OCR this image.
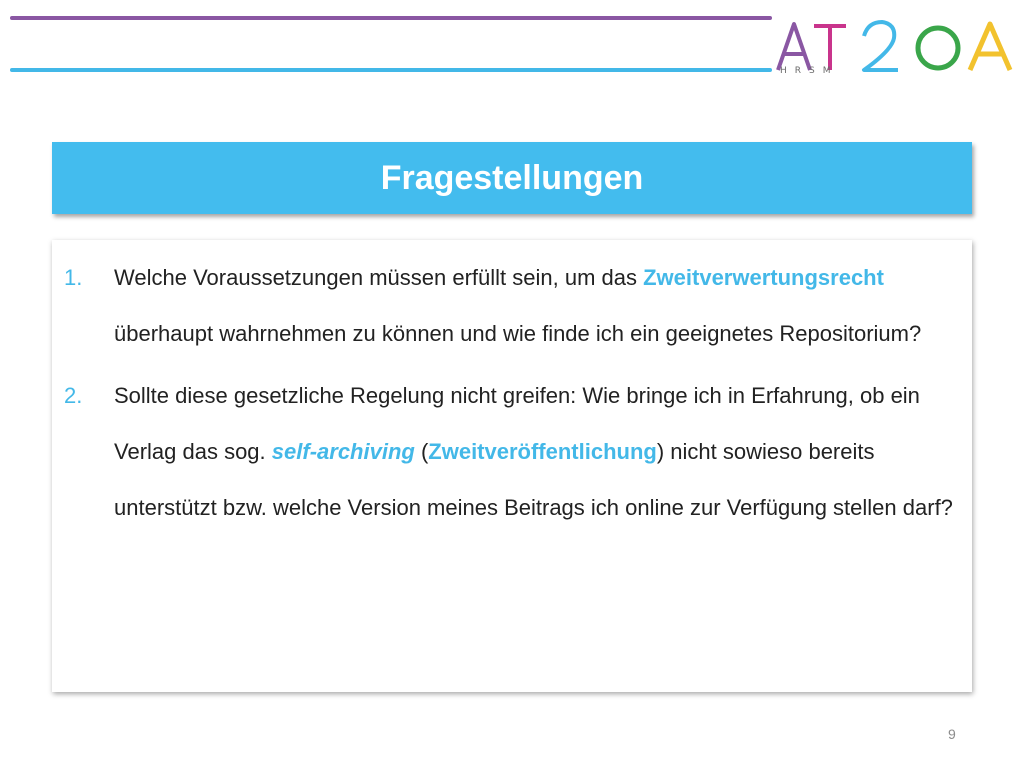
HRSM
Fragestellungen
1. Welche Voraussetzungen müssen erfüllt sein, um das Zweitverwertungsrecht überhaupt wahrnehmen zu können und wie finde ich ein geeignetes Repositorium?
2. Sollte diese gesetzliche Regelung nicht greifen: Wie bringe ich in Erfahrung, ob ein Verlag das sog. self-archiving (Zweitveröffentlichung) nicht sowieso bereits unterstützt bzw. welche Version meines Beitrags ich online zur Verfügung stellen darf?
9
